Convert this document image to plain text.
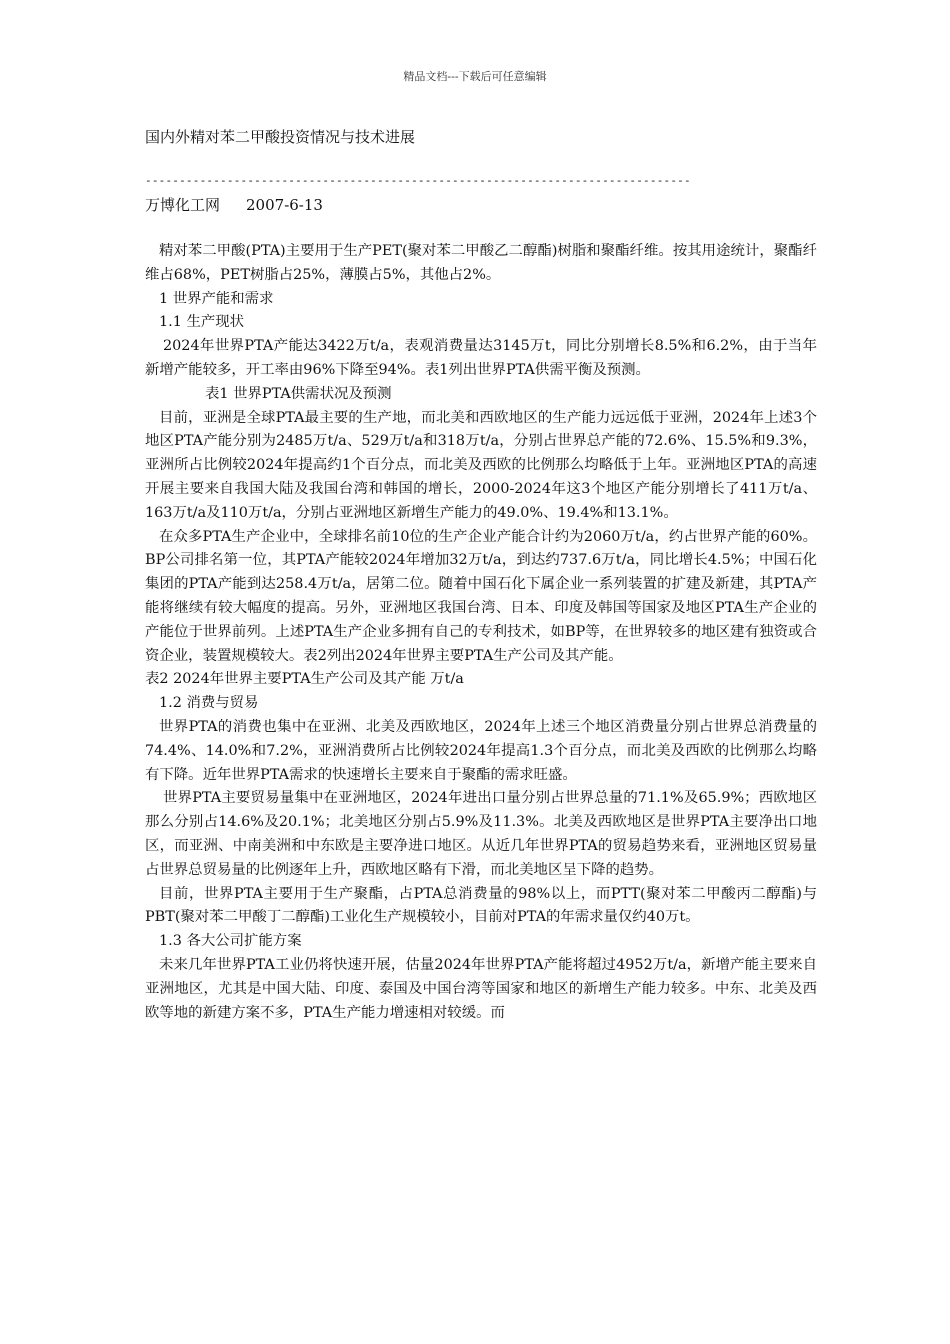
精品文档---下载后可任意编辑
国内外精对苯二甲酸投资情况与技术进展
--------------------------------------------------------------------------------
万博化工网 2007-6-13

精对苯二甲酸(PTA)主要用于生产PET(聚对苯二甲酸乙二醇酯)树脂和聚酯纤维。按其用途统计，聚酯纤维占68%，PET树脂占25%，薄膜占5%，其他占2%。

1 世界产能和需求

1.1 生产现状

2024年世界PTA产能达3422万t/a，表观消费量达3145万t，同比分别增长8.5%和6.2%，由于当年新增产能较多，开工率由96%下降至94%。表1列出世界PTA供需平衡及预测。

表1 世界PTA供需状况及预测

目前，亚洲是全球PTA最主要的生产地，而北美和西欧地区的生产能力远远低于亚洲，2024年上述3个地区PTA产能分别为2485万t/a、529万t/a和318万t/a，分别占世界总产能的72.6%、15.5%和9.3%，亚洲所占比例较2024年提高约1个百分点，而北美及西欧的比例那么均略低于上年。亚洲地区PTA的高速开展主要来自我国大陆及我国台湾和韩国的增长，2000-2024年这3个地区产能分别增长了411万t/a、163万t/a及110万t/a，分别占亚洲地区新增生产能力的49.0%、19.4%和13.1%。

在众多PTA生产企业中，全球排名前10位的生产企业产能合计约为2060万t/a，约占世界产能的60%。BP公司排名第一位，其PTA产能较2024年增加32万t/a，到达约737.6万t/a，同比增长4.5%；中国石化集团的PTA产能到达258.4万t/a，居第二位。随着中国石化下属企业一系列装置的扩建及新建，其PTA产能将继续有较大幅度的提高。另外，亚洲地区我国台湾、日本、印度及韩国等国家及地区PTA生产企业的产能位于世界前列。上述PTA生产企业多拥有自己的专利技术，如BP等，在世界较多的地区建有独资或合资企业，装置规模较大。表2列出2024年世界主要PTA生产公司及其产能。

表2 2024年世界主要PTA生产公司及其产能 万t/a

1.2 消费与贸易

世界PTA的消费也集中在亚洲、北美及西欧地区，2024年上述三个地区消费量分别占世界总消费量的74.4%、14.0%和7.2%，亚洲消费所占比例较2024年提高1.3个百分点，而北美及西欧的比例那么均略有下降。近年世界PTA需求的快速增长主要来自于聚酯的需求旺盛。

世界PTA主要贸易量集中在亚洲地区，2024年进出口量分别占世界总量的71.1%及65.9%；西欧地区那么分别占14.6%及20.1%；北美地区分别占5.9%及11.3%。北美及西欧地区是世界PTA主要净出口地区，而亚洲、中南美洲和中东欧是主要净进口地区。从近几年世界PTA的贸易趋势来看，亚洲地区贸易量占世界总贸易量的比例逐年上升，西欧地区略有下滑，而北美地区呈下降的趋势。

目前，世界PTA主要用于生产聚酯，占PTA总消费量的98%以上，而PTT(聚对苯二甲酸丙二醇酯)与PBT(聚对苯二甲酸丁二醇酯)工业化生产规模较小，目前对PTA的年需求量仅约40万t。

1.3 各大公司扩能方案

未来几年世界PTA工业仍将快速开展，估量2024年世界PTA产能将超过4952万t/a，新增产能主要来自亚洲地区，尤其是中国大陆、印度、泰国及中国台湾等国家和地区的新增生产能力较多。中东、北美及西欧等地的新建方案不多，PTA生产能力增速相对较缓。而
